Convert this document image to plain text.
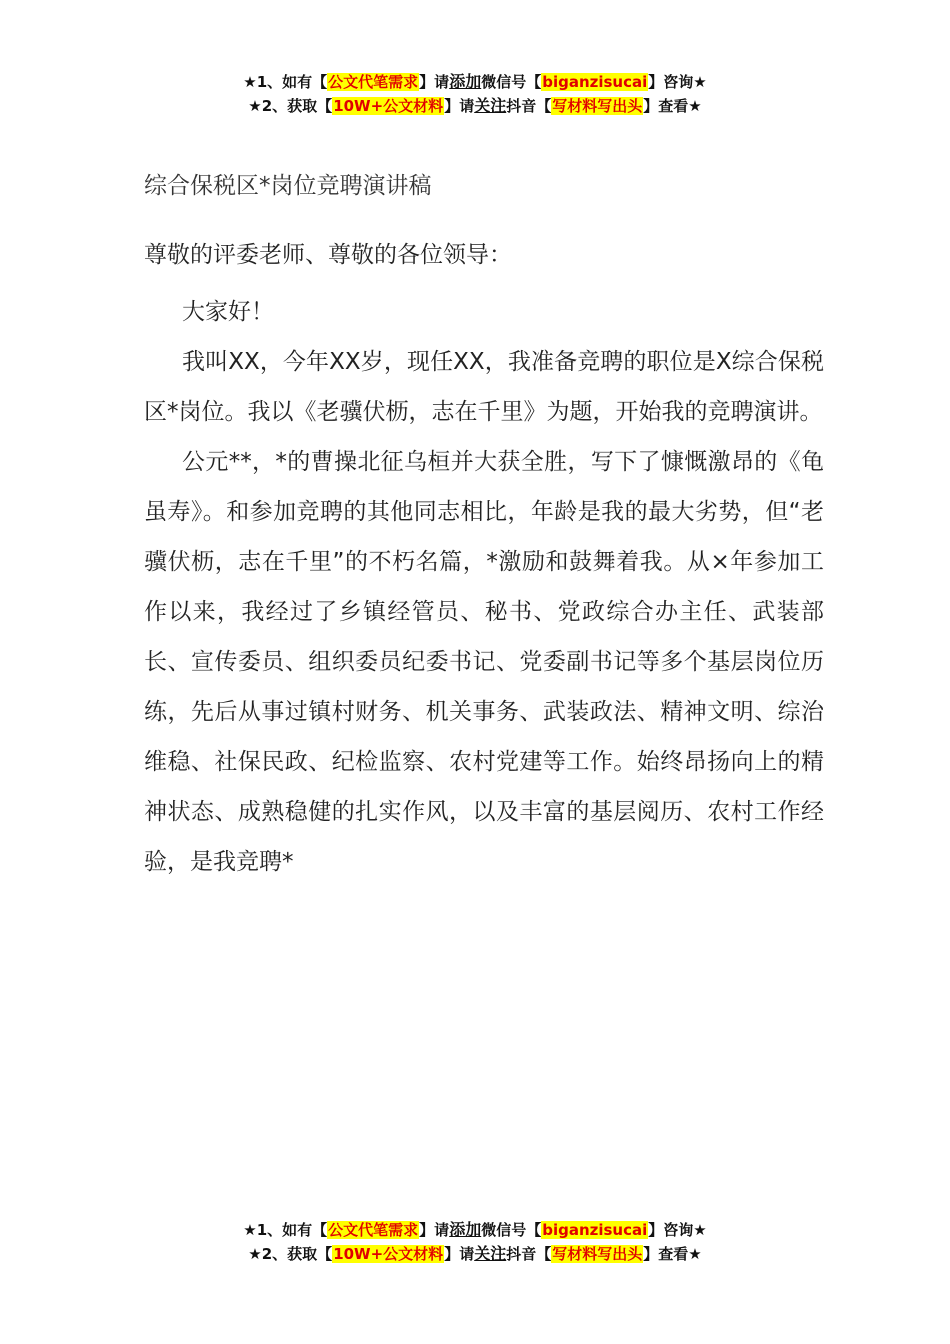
★1、如有【公文代笔需求】请添加微信号【biganzisucai】咨询★
★2、获取【10W+公文材料】请关注抖音【写材料写出头】查看★
综合保税区*岗位竞聘演讲稿
尊敬的评委老师、尊敬的各位领导：

大家好！

我叫XX，今年XX岁，现任XX，我准备竞聘的职位是X综合保税区*岗位。我以《老骥伏枥，志在千里》为题，开始我的竞聘演讲。

公元**，*的曹操北征乌桓并大获全胜，写下了慷慨激昂的《龟虽寿》。和参加竞聘的其他同志相比，年龄是我的最大劣势，但“老骥伏枥，志在千里”的不朽名篇，*激励和鼓舞着我。从×年参加工作以来，我经过了乡镇经管员、秘书、党政综合办主任、武装部长、宣传委员、组织委员纪委书记、党委副书记等多个基层岗位历练，先后从事过镇村财务、机关事务、武装政法、精神文明、综治维稳、社保民政、纪检监察、农村党建等工作。始终昂扬向上的精神状态、成熟稳健的扎实作风，以及丰富的基层阅历、农村工作经验，是我竞聘*

★1、如有【公文代笔需求】请添加微信号【biganzisucai】咨询★
★2、获取【10W+公文材料】请关注抖音【写材料写出头】查看★
